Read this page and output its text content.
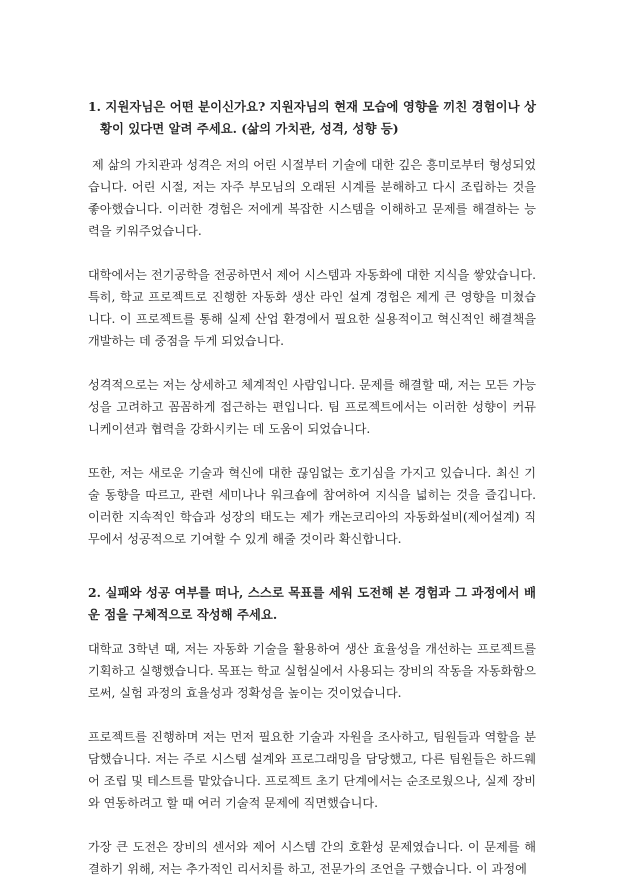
1. 지원자님은 어떤 분이신가요? 지원자님의 현재 모습에 영향을 끼친 경험이나 상황이 있다면 알려 주세요. (삶의 가치관, 성격, 성향 등)

제 삶의 가치관과 성격은 저의 어린 시절부터 기술에 대한 깊은 흥미로부터 형성되었습니다. 어린 시절, 저는 자주 부모님의 오래된 시계를 분해하고 다시 조립하는 것을 좋아했습니다. 이러한 경험은 저에게 복잡한 시스템을 이해하고 문제를 해결하는 능력을 키워주었습니다.

대학에서는 전기공학을 전공하면서 제어 시스템과 자동화에 대한 지식을 쌓았습니다. 특히, 학교 프로젝트로 진행한 자동화 생산 라인 설계 경험은 제게 큰 영향을 미쳤습니다. 이 프로젝트를 통해 실제 산업 환경에서 필요한 실용적이고 혁신적인 해결책을 개발하는 데 중점을 두게 되었습니다.

성격적으로는 저는 상세하고 체계적인 사람입니다. 문제를 해결할 때, 저는 모든 가능성을 고려하고 꼼꼼하게 접근하는 편입니다. 팀 프로젝트에서는 이러한 성향이 커뮤니케이션과 협력을 강화시키는 데 도움이 되었습니다.

또한, 저는 새로운 기술과 혁신에 대한 끊임없는 호기심을 가지고 있습니다. 최신 기술 동향을 따르고, 관련 세미나나 워크숍에 참여하여 지식을 넓히는 것을 즐깁니다. 이러한 지속적인 학습과 성장의 태도는 제가 캐논코리아의 자동화설비(제어설계) 직무에서 성공적으로 기여할 수 있게 해줄 것이라 확신합니다.

2. 실패와 성공 여부를 떠나, 스스로 목표를 세워 도전해 본 경험과 그 과정에서 배운 점을 구체적으로 작성해 주세요.

대학교 3학년 때, 저는 자동화 기술을 활용하여 생산 효율성을 개선하는 프로젝트를 기획하고 실행했습니다. 목표는 학교 실험실에서 사용되는 장비의 작동을 자동화함으로써, 실험 과정의 효율성과 정확성을 높이는 것이었습니다.

프로젝트를 진행하며 저는 먼저 필요한 기술과 자원을 조사하고, 팀원들과 역할을 분담했습니다. 저는 주로 시스템 설계와 프로그래밍을 담당했고, 다른 팀원들은 하드웨어 조립 및 테스트를 맡았습니다. 프로젝트 초기 단계에서는 순조로웠으나, 실제 장비와 연동하려고 할 때 여러 기술적 문제에 직면했습니다.

가장 큰 도전은 장비의 센서와 제어 시스템 간의 호환성 문제였습니다. 이 문제를 해결하기 위해, 저는 추가적인 리서치를 하고, 전문가의 조언을 구했습니다. 이 과정에
